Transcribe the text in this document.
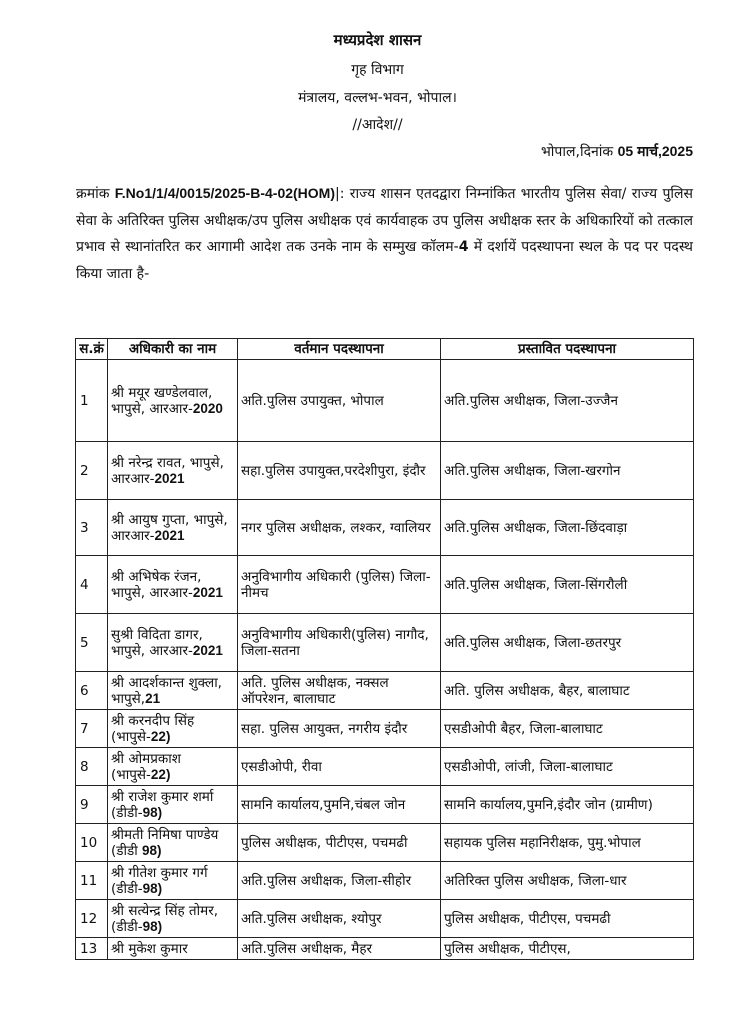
मध्यप्रदेश शासन
गृह विभाग
मंत्रालय, वल्लभ-भवन, भोपाल।
//आदेश//
भोपाल,दिनांक 05 मार्च,2025
क्रमांक F.No1/1/4/0015/2025-B-4-02(HOM)|: राज्य शासन एतदद्वारा निम्नांकित भारतीय पुलिस सेवा/ राज्य पुलिस सेवा के अतिरिक्त पुलिस अधीक्षक/उप पुलिस अधीक्षक एवं कार्यवाहक उप पुलिस अधीक्षक स्तर के अधिकारियों को तत्काल प्रभाव से स्थानांतरित कर आगामी आदेश तक उनके नाम के सम्मुख कॉलम-4 में दर्शायें पदस्थापना स्थल के पद पर पदस्थ किया जाता है-
स.क्रं	अधिकारी का नाम	वर्तमान पदस्थापना	प्रस्तावित पदस्थापना
1	श्री मयूर खण्डेलवाल, भापुसे, आरआर-2020	अति.पुलिस उपायुक्त, भोपाल	अति.पुलिस अधीक्षक, जिला-उज्जैन
2	श्री नरेन्द्र रावत, भापुसे, आरआर-2021	सहा.पुलिस उपायुक्त,परदेशीपुरा, इंदौर	अति.पुलिस अधीक्षक, जिला-खरगोन
3	श्री आयुष गुप्ता, भापुसे, आरआर-2021	नगर पुलिस अधीक्षक, लश्कर, ग्वालियर	अति.पुलिस अधीक्षक, जिला-छिंदवाड़ा
4	श्री अभिषेक रंजन, भापुसे, आरआर-2021	अनुविभागीय अधिकारी (पुलिस) जिला-नीमच	अति.पुलिस अधीक्षक, जिला-सिंगरौली
5	सुश्री विदिता डागर, भापुसे, आरआर-2021	अनुविभागीय अधिकारी(पुलिस) नागौद, जिला-सतना	अति.पुलिस अधीक्षक, जिला-छतरपुर
6	श्री आदर्शकान्त शुक्ला, भापुसे,21	अति. पुलिस अधीक्षक, नक्सल ऑपरेशन, बालाघाट	अति. पुलिस अधीक्षक, बैहर, बालाघाट
7	श्री करनदीप सिंह (भापुसे-22)	सहा. पुलिस आयुक्त, नगरीय इंदौर	एसडीओपी बैहर, जिला-बालाघाट
8	श्री ओमप्रकाश (भापुसे-22)	एसडीओपी, रीवा	एसडीओपी, लांजी, जिला-बालाघाट
9	श्री राजेश कुमार शर्मा (डीडी-98)	सामनि कार्यालय,पुमनि,चंबल जोन	सामनि कार्यालय,पुमनि,इंदौर जोन (ग्रामीण)
10	श्रीमती निमिषा पाण्डेय (डीडी 98)	पुलिस अधीक्षक, पीटीएस, पचमढी	सहायक पुलिस महानिरीक्षक, पुमु.भोपाल
11	श्री गीतेश कुमार गर्ग (डीडी-98)	अति.पुलिस अधीक्षक, जिला-सीहोर	अतिरिक्त पुलिस अधीक्षक, जिला-धार
12	श्री सत्येन्द्र सिंह तोमर,(डीडी-98)	अति.पुलिस अधीक्षक, श्योपुर	पुलिस अधीक्षक, पीटीएस, पचमढी
13	श्री मुकेश कुमार	अति.पुलिस अधीक्षक, मैहर	पुलिस अधीक्षक, पीटीएस,
